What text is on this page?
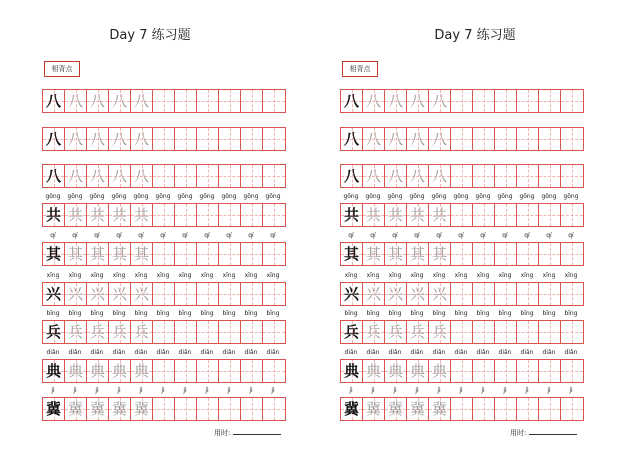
Day 7 练习题
相背点
用时:
八 八 八 八 八
八 八 八 八 八
八 八 八 八 八
gōng	gōng	gōng	gōng	gōng	gōng	gōng	gōng	gōng	gōng	gōng
共 共 共 共 共
qí	qí	qí	qí	qí	qí	qí	qí	qí	qí	qí
其 其 其 其 其
xīng	xīng	xīng	xīng	xīng	xīng	xīng	xīng	xīng	xīng	xīng
兴 兴 兴 兴 兴
bīng	bīng	bīng	bīng	bīng	bīng	bīng	bīng	bīng	bīng	bīng
兵 兵 兵 兵 兵
diǎn	diǎn	diǎn	diǎn	diǎn	diǎn	diǎn	diǎn	diǎn	diǎn	diǎn
典 典 典 典 典
jì	jì	jì	jì	jì	jì	jì	jì	jì	jì	jì
冀 冀 冀 冀 冀
Day 7 练习题
相背点
用时:
八 八 八 八 八
八 八 八 八 八
八 八 八 八 八
gōng	gōng	gōng	gōng	gōng	gōng	gōng	gōng	gōng	gōng	gōng
共 共 共 共 共
qí	qí	qí	qí	qí	qí	qí	qí	qí	qí	qí
其 其 其 其 其
xīng	xīng	xīng	xīng	xīng	xīng	xīng	xīng	xīng	xīng	xīng
兴 兴 兴 兴 兴
bīng	bīng	bīng	bīng	bīng	bīng	bīng	bīng	bīng	bīng	bīng
兵 兵 兵 兵 兵
diǎn	diǎn	diǎn	diǎn	diǎn	diǎn	diǎn	diǎn	diǎn	diǎn	diǎn
典 典 典 典 典
jì	jì	jì	jì	jì	jì	jì	jì	jì	jì	jì
冀 冀 冀 冀 冀
